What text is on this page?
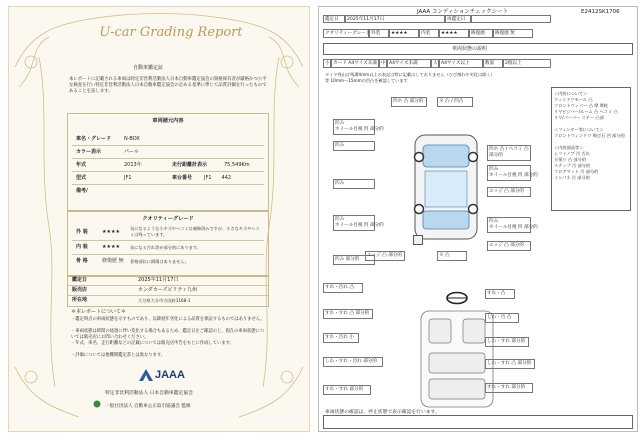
U-car Grading Report
自動車鑑定証
本レポートに記載される車両は特定非営利活動法人日本自動車鑑定協会の資格保有者が厳格かつ公平な検査を行い特定非営利活動法人日本自動車鑑定協会の定める基準に準じて品質評価を行ったものであることを証します。
車両諸元内容
車名・グレード	N-BOX
カラー表示	パール
年式	2013年	走行距離計表示	75,549Km
型式	JF1	車台番号 JF1　　442
備考/
クオリティーグレード
外 装	★★★★
気になるような小キズやヘコミは補修済みですが、小さなキズやヘコミは残っています。
内 装	★★★★ 気になる汚れ等が部分的にあります。
骨 格	修復歴 無 骨格部位に損傷はありません。
鑑定日	2025年11月17日
販売店	ホンダカーズビリティ九州
所在地	大分県大分市古国府1168-1
＊本レポートについて＊
・鑑定時点の車両状態を示すものであり、以降経年劣化による品質を保証するものではありません。
・車両状態は時間の経過に伴い変化する場合もあるため、鑑定日をご確認の上、現在の車両状態については販売店にお問い合わせください。
・年式、車名、走行距離などの記載については販売店申告をもとに作成しています。
・評価については他機関鑑定書とは異なります。
JAAA
特定非営利活動法人 日本自動車鑑定協会
一般社団法人 自動車公正取引協議会 監修
JAAA コンディションチェックシート	E2412SK1706
鑑定日	2025年11月17日	再鑑定日
クオリティーグレード 外装	★★★★	内装	★★★★	修復歴	修復歴 無
車両状態の説明
小 カード A4サイズ未満 中 A4サイズ未満	大 A4サイズ以上	数量	2個以上
タイヤ残山は残溝4mm以上の表記は特に記載はしておりません（ひび割れや劣化は除く）
等 10mm〜15mmの凹凸を確認しています
凹み
ホイール目視 凹 部分的
凹み
凹み
凹み
ホイール目視 凹 部分的
凹み 部分的
凹ホ 凸 部分的	ヌ 凸 / 凹凸
凹ホ 凸 / ヘコミ 凸 部分的
凹み
ホイール目視 凹 部分的
エッジ 凸 部分的
凹み
ホイール目視 凹 部分的
エッジ 凸 部分的
エッジ 凸 部分的	ヌ 凸
＜内装について＞
ウィンドウモール 凸
フロントウィパー 凸 摩 摩耗
リヤビジバー/ルーム 凸 ヘコミ 凸
リヤ/パーバー ステー 凸部
＜フィンダー等について＞
フロントウィンドウ 飛び石 凹 部分的
＜内装部品等＞
シフトノブ 汚 汚れ
天張り 凸 部分的
ステップ 汚 部分的
フロアマット 汚 部分的
インパネ 汚 部分的
すれ・汚れ 凸
すれ・すれ 凸 部分的
すれ・汚れ 小
しわ・すれ・汚れ 部分的
すれ・すれ 部分的
すれ・凸
しわ・汚 凸
しわ・すれ 部分的
しわ・すれ 凸 部分的
すれ・すれ 部分的
車両状態の確認は、停止状態で表示確認を行います。
